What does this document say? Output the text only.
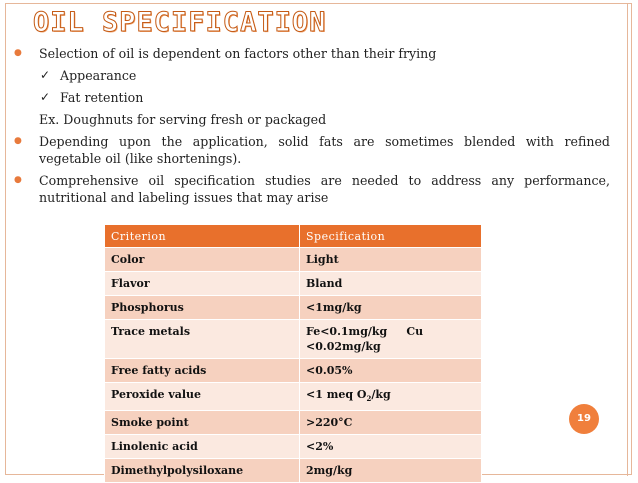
OIL SPECIFICATION
● Selection of oil is dependent on factors other than their frying
✓ Appearance
✓ Fat retention
Ex. Doughnuts for serving fresh or packaged
● Depending upon the application, solid fats are sometimes blended with refined vegetable oil (like shortenings).
● Comprehensive oil specification studies are needed to address any performance, nutritional and labeling issues that may arise
Criterion	Specification
Color	Light
Flavor	Bland
Phosphorus	<1mg/kg
Trace metals	Fe<0.1mg/kg     Cu
<0.02mg/kg
Free fatty acids	<0.05%
Peroxide value	<1 meq $O_2/kg$
Smoke point	>220°C
Linolenic acid	<2%
Dimethylpolysiloxane	2mg/kg
19
